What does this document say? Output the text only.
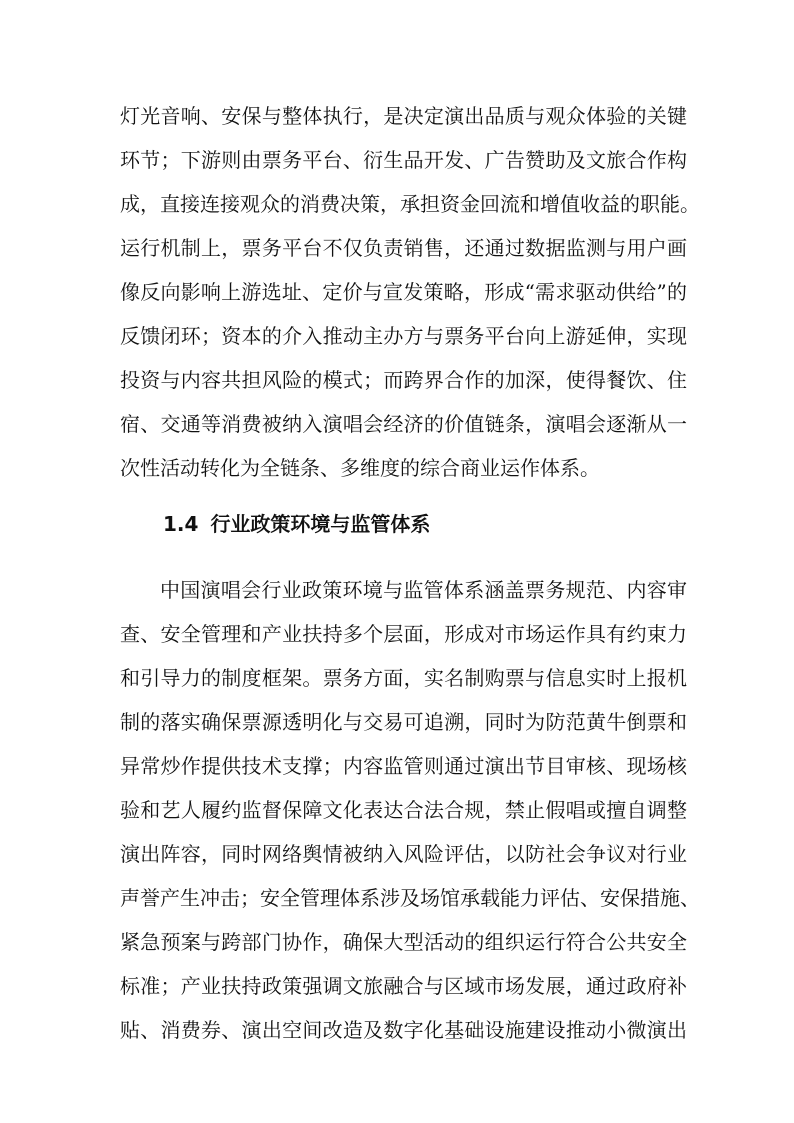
灯光音响、安保与整体执行，是决定演出品质与观众体验的关键
环节；下游则由票务平台、衍生品开发、广告赞助及文旅合作构
成，直接连接观众的消费决策，承担资金回流和增值收益的职能。
运行机制上，票务平台不仅负责销售，还通过数据监测与用户画
像反向影响上游选址、定价与宣发策略，形成“需求驱动供给”的
反馈闭环；资本的介入推动主办方与票务平台向上游延伸，实现
投资与内容共担风险的模式；而跨界合作的加深，使得餐饮、住
宿、交通等消费被纳入演唱会经济的价值链条，演唱会逐渐从一
次性活动转化为全链条、多维度的综合商业运作体系。
1.4 行业政策环境与监管体系
中国演唱会行业政策环境与监管体系涵盖票务规范、内容审
查、安全管理和产业扶持多个层面，形成对市场运作具有约束力
和引导力的制度框架。票务方面，实名制购票与信息实时上报机
制的落实确保票源透明化与交易可追溯，同时为防范黄牛倒票和
异常炒作提供技术支撑；内容监管则通过演出节目审核、现场核
验和艺人履约监督保障文化表达合法合规，禁止假唱或擅自调整
演出阵容，同时网络舆情被纳入风险评估，以防社会争议对行业
声誉产生冲击；安全管理体系涉及场馆承载能力评估、安保措施、
紧急预案与跨部门协作，确保大型活动的组织运行符合公共安全
标准；产业扶持政策强调文旅融合与区域市场发展，通过政府补
贴、消费券、演出空间改造及数字化基础设施建设推动小微演出
